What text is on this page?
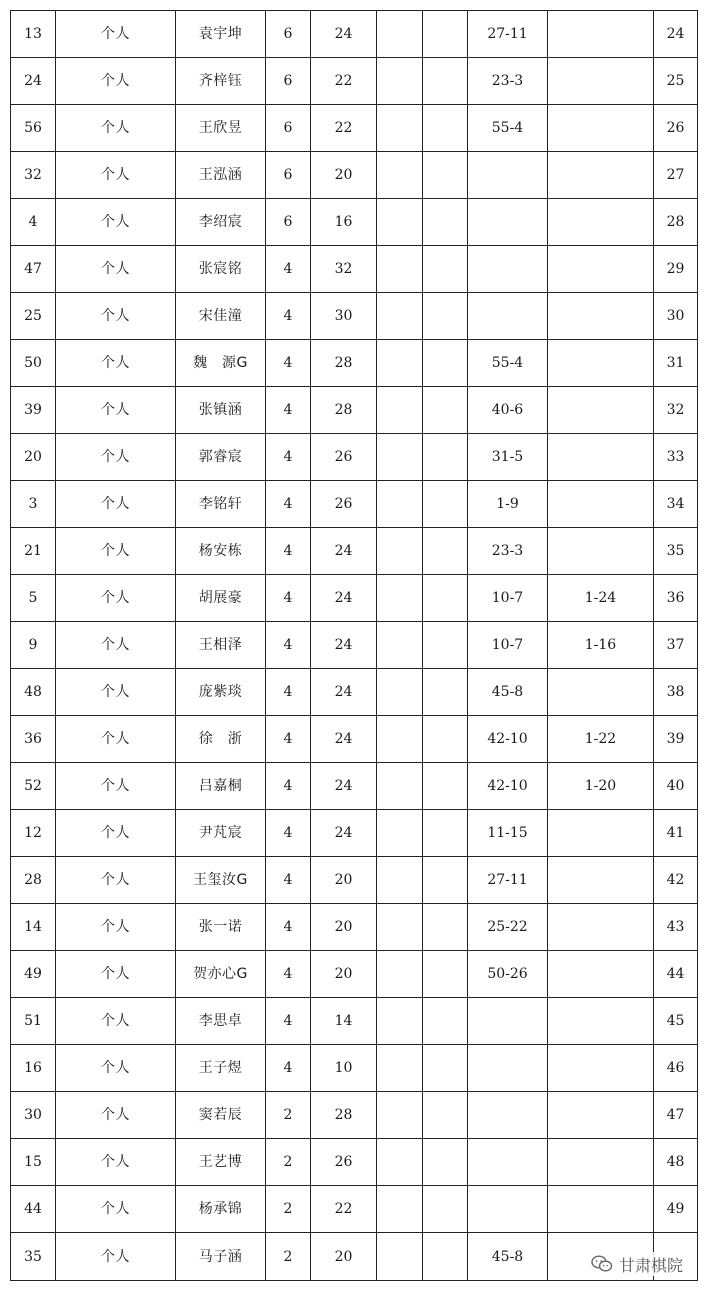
13	个人	袁宇坤	6	24			27-11		24
24	个人	齐梓钰	6	22			23-3		25
56	个人	王欣昱	6	22			55-4		26
32	个人	王泓涵	6	20					27
4	个人	李绍宸	6	16					28
47	个人	张宸铭	4	32					29
25	个人	宋佳潼	4	30					30
50	个人	魏　源G	4	28			55-4		31
39	个人	张镇涵	4	28			40-6		32
20	个人	郭睿宸	4	26			31-5		33
3	个人	李铭轩	4	26			1-9		34
21	个人	杨安栋	4	24			23-3		35
5	个人	胡展豪	4	24			10-7	1-24	36
9	个人	王相泽	4	24			10-7	1-16	37
48	个人	庞紫琰	4	24			45-8		38
36	个人	徐　浙	4	24			42-10	1-22	39
52	个人	吕嘉桐	4	24			42-10	1-20	40
12	个人	尹芃宸	4	24			11-15		41
28	个人	王玺汝G	4	20			27-11		42
14	个人	张一诺	4	20			25-22		43
49	个人	贺亦心G	4	20			50-26		44
51	个人	李思卓	4	14					45
16	个人	王子煜	4	10					46
30	个人	窦若辰	2	28					47
15	个人	王艺博	2	26					48
44	个人	杨承锦	2	22					49
35	个人	马子涵	2	20			45-8			甘肃棋院
